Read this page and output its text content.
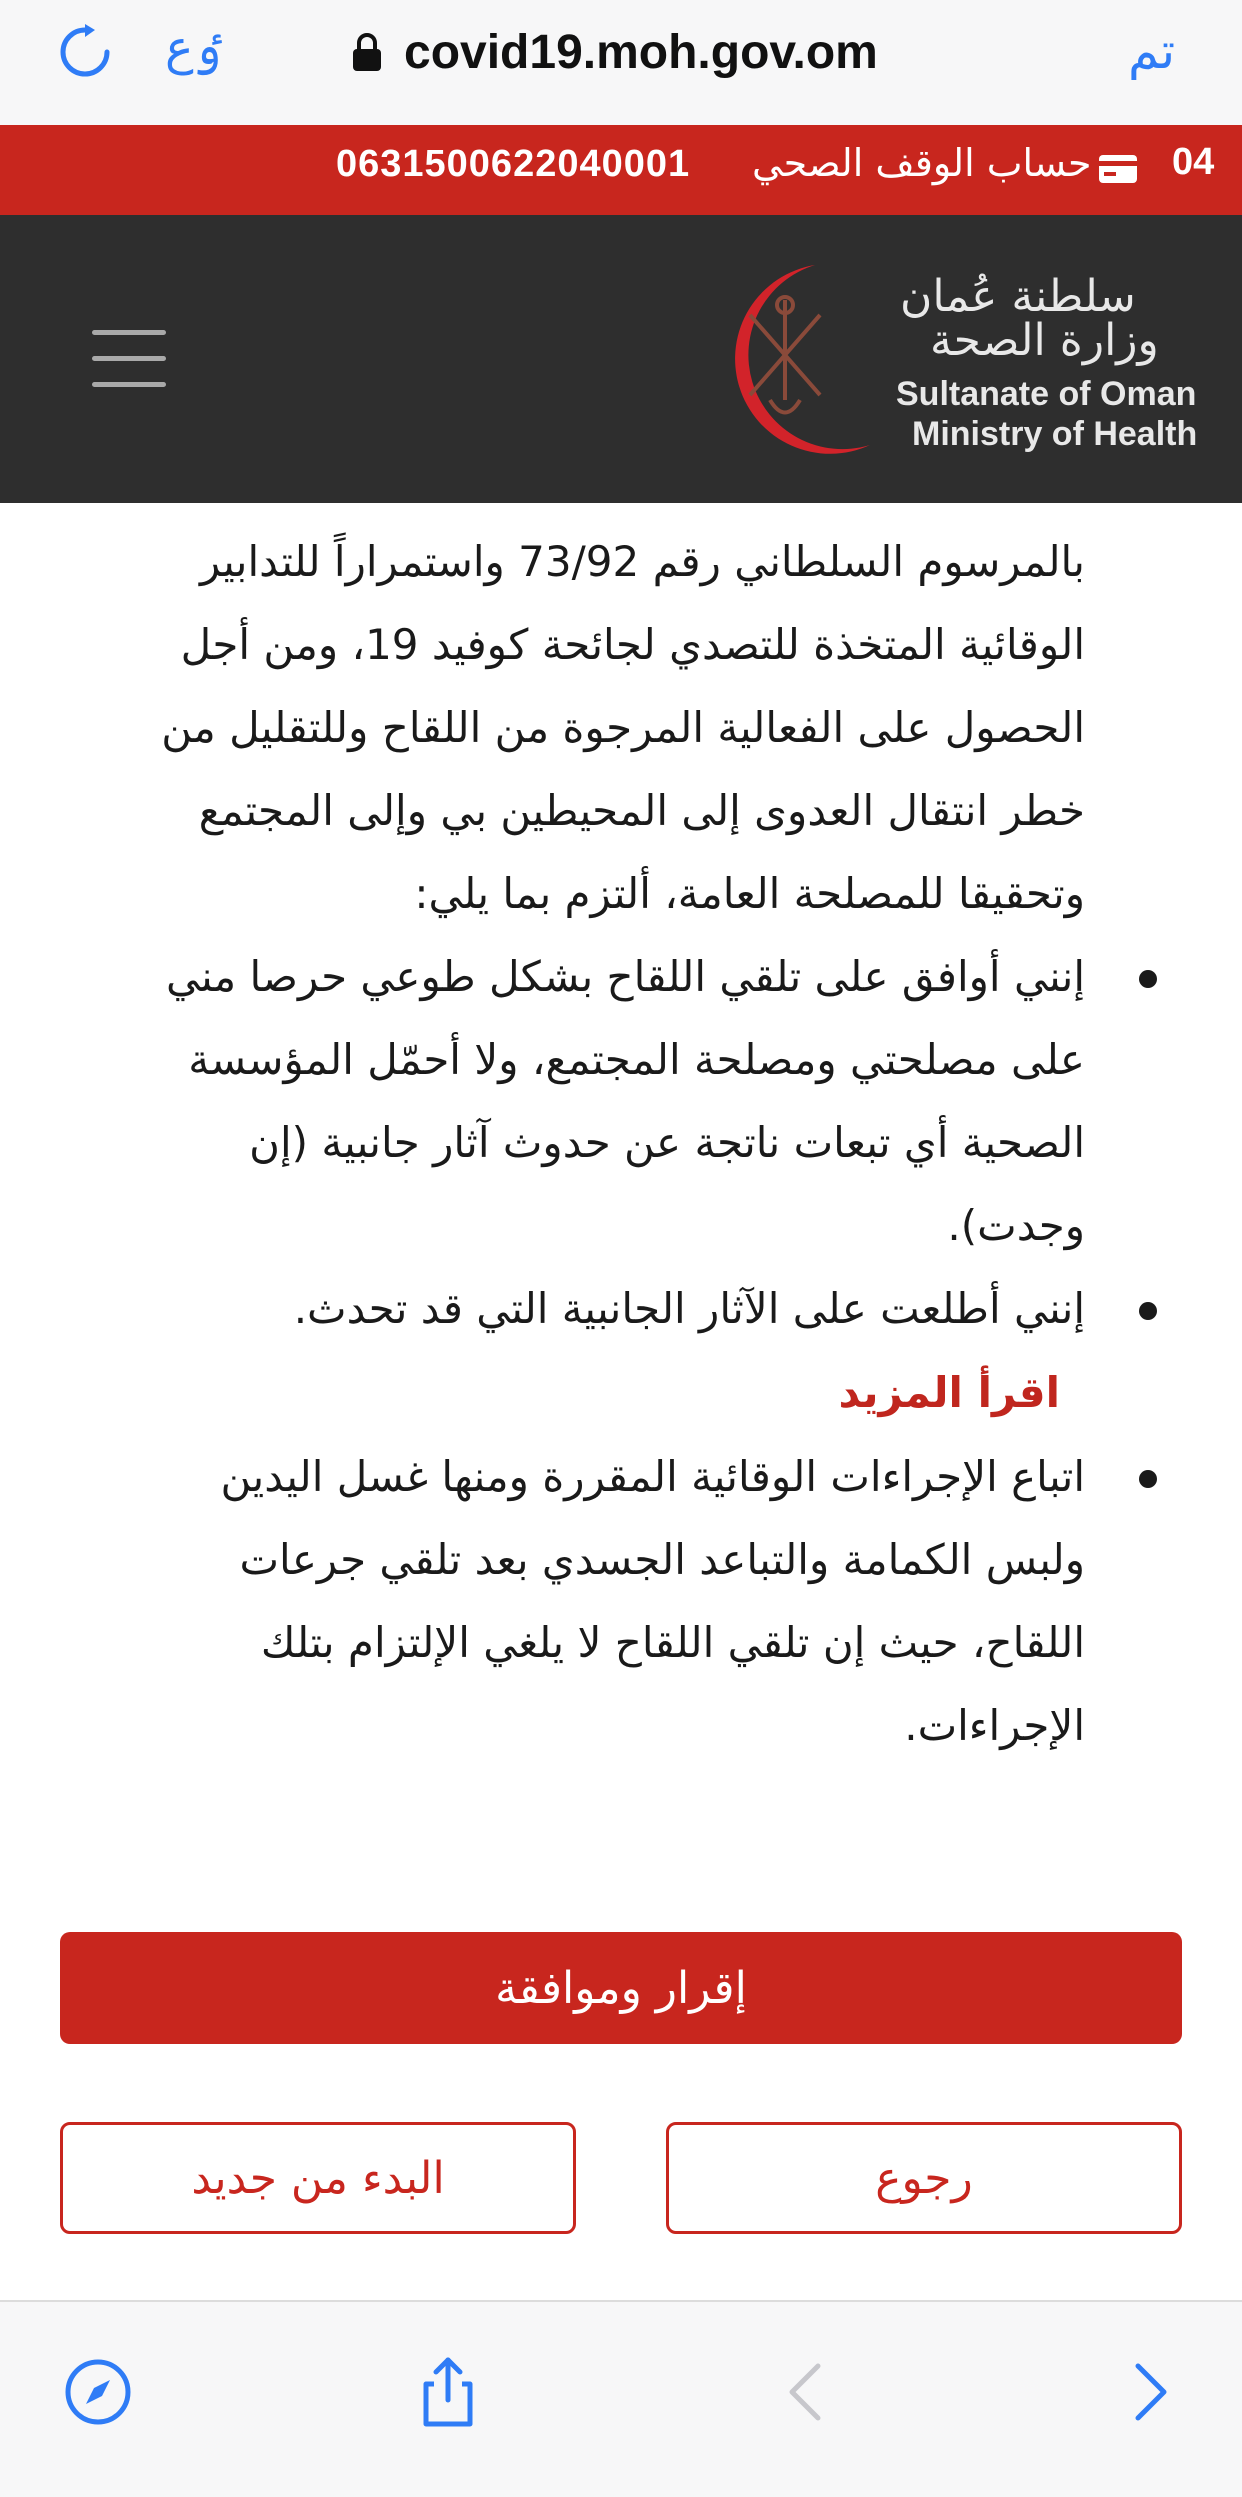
ٶع	covid19.moh.gov.om	تم
0631500622040001 حساب الوقف الصحي 04
سلطنة عُمان
وزارة الصحة
Sultanate of Oman
Ministry of Health

بالمرسوم السلطاني رقم 73/92 واستمراراً للتدابير الوقائية المتخذة للتصدي لجائحة كوفيد 19، ومن أجل الحصول على الفعالية المرجوة من اللقاح وللتقليل من خطر انتقال العدوى إلى المحيطين بي وإلى المجتمع وتحقيقا للمصلحة العامة، ألتزم بما يلي:

إنني أوافق على تلقي اللقاح بشكل طوعي حرصا مني على مصلحتي ومصلحة المجتمع، ولا أحمّل المؤسسة الصحية أي تبعات ناتجة عن حدوث آثار جانبية (إن وجدت).
إنني أطلعت على الآثار الجانبية التي قد تحدث.
اقرأ المزيد
اتباع الإجراءات الوقائية المقررة ومنها غسل اليدين ولبس الكمامة والتباعد الجسدي بعد تلقي جرعات اللقاح، حيث إن تلقي اللقاح لا يلغي الإلتزام بتلك الإجراءات.
إقرار وموافقة
رجوع
البدء من جديد
